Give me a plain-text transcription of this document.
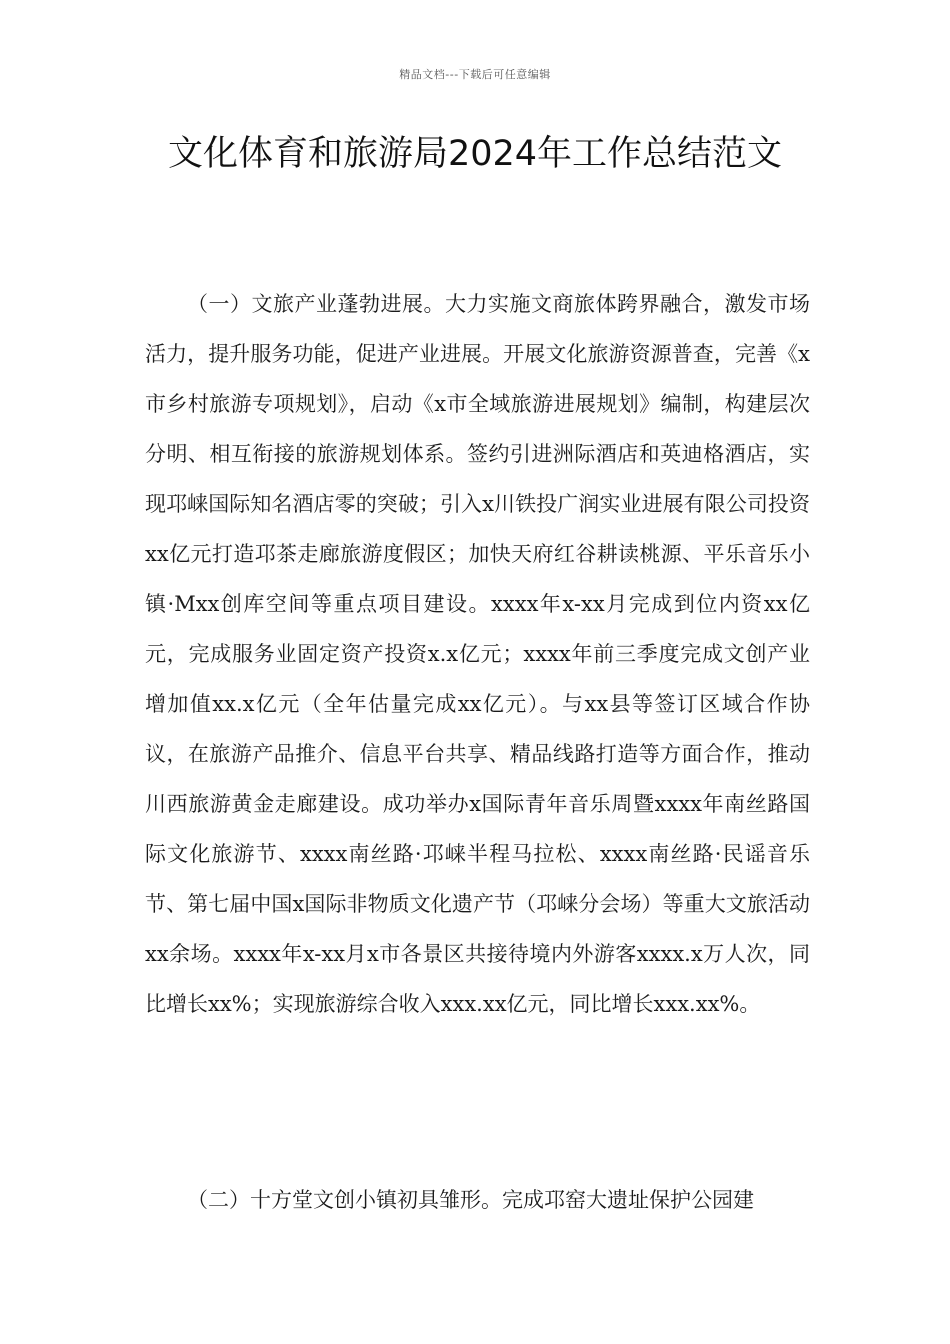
精品文档---下载后可任意编辑
文化体育和旅游局2024年工作总结范文

（一）文旅产业蓬勃进展。大力实施文商旅体跨界融合，激发市场活力，提升服务功能，促进产业进展。开展文化旅游资源普查，完善《x市乡村旅游专项规划》，启动《x市全域旅游进展规划》编制，构建层次分明、相互衔接的旅游规划体系。签约引进洲际酒店和英迪格酒店，实现邛崃国际知名酒店零的突破；引入x川铁投广润实业进展有限公司投资xx亿元打造邛茶走廊旅游度假区；加快天府红谷耕读桃源、平乐音乐小镇·Mxx创库空间等重点项目建设。xxxx年x-xx月完成到位内资xx亿元，完成服务业固定资产投资x.x亿元；xxxx年前三季度完成文创产业增加值xx.x亿元（全年估量完成xx亿元）。与xx县等签订区域合作协议，在旅游产品推介、信息平台共享、精品线路打造等方面合作，推动川西旅游黄金走廊建设。成功举办x国际青年音乐周暨xxxx年南丝路国际文化旅游节、xxxx南丝路·邛崃半程马拉松、xxxx南丝路·民谣音乐节、第七届中国x国际非物质文化遗产节（邛崃分会场）等重大文旅活动xx余场。xxxx年x-xx月x市各景区共接待境内外游客xxxx.x万人次，同比增长xx%；实现旅游综合收入xxx.xx亿元，同比增长xxx.xx%。

（二）十方堂文创小镇初具雏形。完成邛窑大遗址保护公园建
